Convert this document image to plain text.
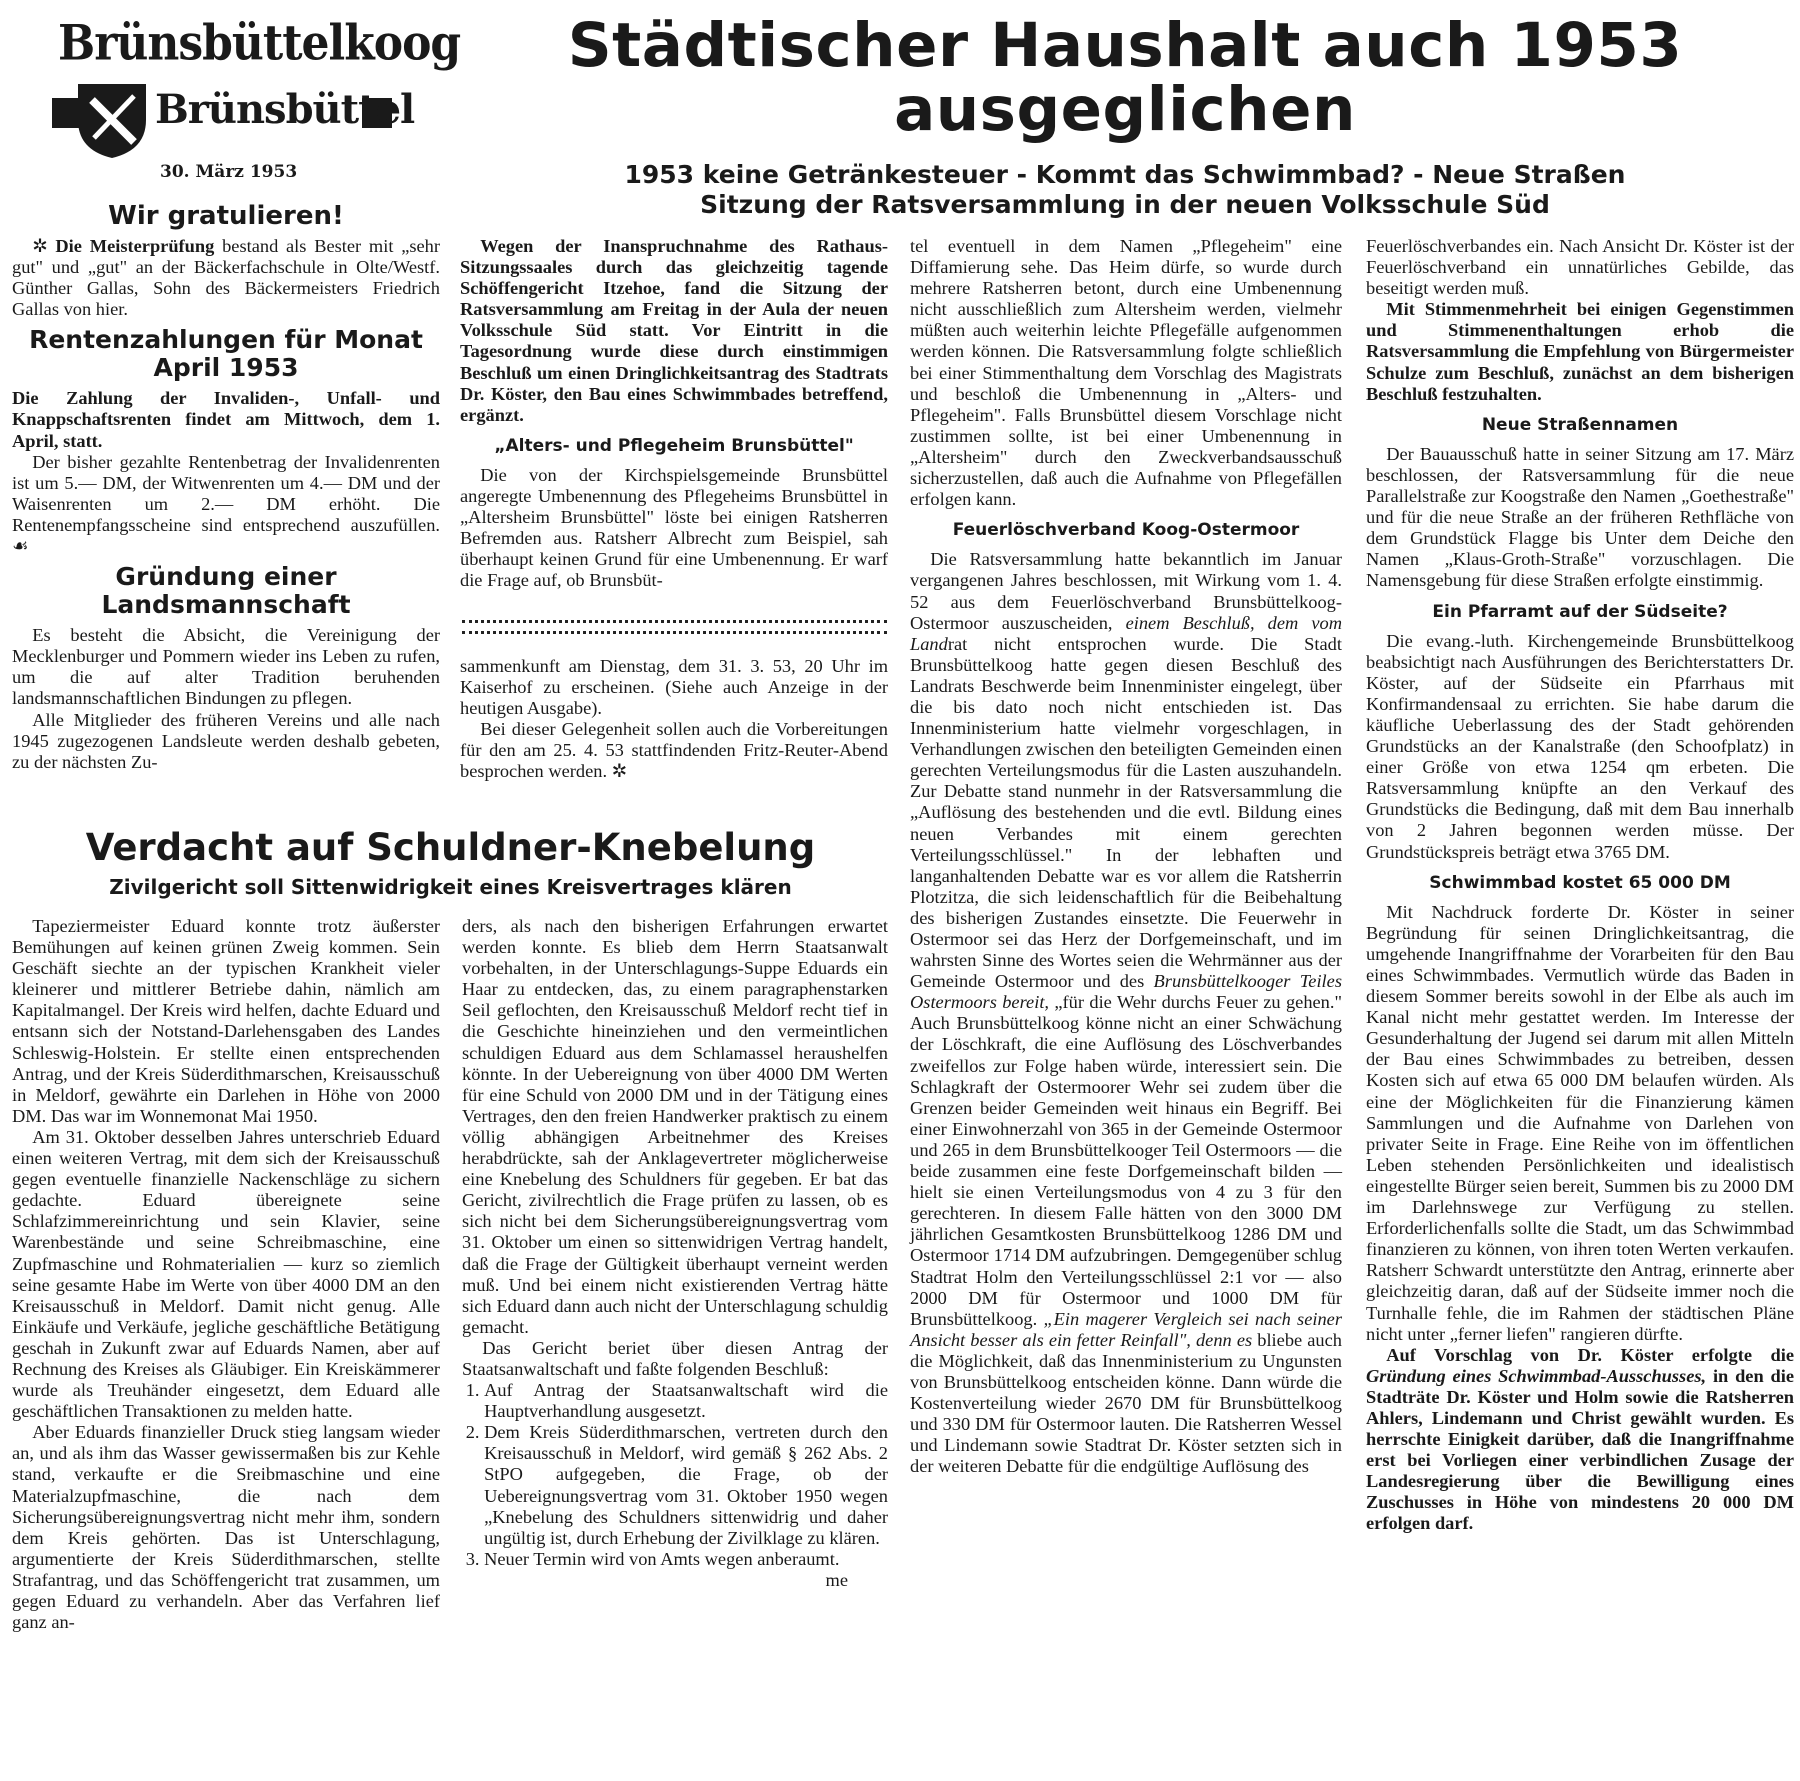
Brünsbüttelkoog
Brünsbüttel
30. März 1953
Städtischer Haushalt auch 1953 ausgeglichen
1953 keine Getränkesteuer - Kommt das Schwimmbad? - Neue Straßen
Sitzung der Ratsversammlung in der neuen Volksschule Süd
Wir gratulieren!

✲ Die Meisterprüfung bestand als Bester mit „sehr gut" und „gut" an der Bäckerfachschule in Olte/Westf. Günther Gallas, Sohn des Bäckermeisters Friedrich Gallas von hier.

Rentenzahlungen für Monat April 1953

Die Zahlung der Invaliden-, Unfall- und Knappschaftsrenten findet am Mittwoch, dem 1. April, statt.

Der bisher gezahlte Rentenbetrag der Invalidenrenten ist um 5.— DM, der Witwenrenten um 4.— DM und der Waisenrenten um 2.— DM erhöht. Die Rentenempfangsscheine sind entsprechend auszufüllen. ☙

Gründung einer Landsmannschaft

Es besteht die Absicht, die Vereinigung der Mecklenburger und Pommern wieder ins Leben zu rufen, um die auf alter Tradition beruhenden landsmannschaftlichen Bindungen zu pflegen.

Alle Mitglieder des früheren Vereins und alle nach 1945 zugezogenen Landsleute werden deshalb gebeten, zu der nächsten Zu-

Wegen der Inanspruchnahme des Rathaus-Sitzungssaales durch das gleichzeitig tagende Schöffengericht Itzehoe, fand die Sitzung der Ratsversammlung am Freitag in der Aula der neuen Volksschule Süd statt. Vor Eintritt in die Tagesordnung wurde diese durch einstimmigen Beschluß um einen Dringlichkeitsantrag des Stadtrats Dr. Köster, den Bau eines Schwimmbades betreffend, ergänzt.

„Alters- und Pflegeheim Brunsbüttel"

Die von der Kirchspielsgemeinde Brunsbüttel angeregte Umbenennung des Pflegeheims Brunsbüttel in „Altersheim Brunsbüttel" löste bei einigen Ratsherren Befremden aus. Ratsherr Albrecht zum Beispiel, sah überhaupt keinen Grund für eine Umbenennung. Er warf die Frage auf, ob Brunsbüt-

sammenkunft am Dienstag, dem 31. 3. 53, 20 Uhr im Kaiserhof zu erscheinen. (Siehe auch Anzeige in der heutigen Ausgabe).

Bei dieser Gelegenheit sollen auch die Vorbereitungen für den am 25. 4. 53 stattfindenden Fritz-Reuter-Abend besprochen werden. ✲

tel eventuell in dem Namen „Pflegeheim" eine Diffamierung sehe. Das Heim dürfe, so wurde durch mehrere Ratsherren betont, durch eine Umbenennung nicht ausschließlich zum Altersheim werden, vielmehr müßten auch weiterhin leichte Pflegefälle aufgenommen werden können. Die Ratsversammlung folgte schließlich bei einer Stimmenthaltung dem Vorschlag des Magistrats und beschloß die Umbenennung in „Alters- und Pflegeheim". Falls Brunsbüttel diesem Vorschlage nicht zustimmen sollte, ist bei einer Umbenennung in „Altersheim" durch den Zweckverbandsausschuß sicherzustellen, daß auch die Aufnahme von Pflegefällen erfolgen kann.

Feuerlöschverband Koog-Ostermoor

Die Ratsversammlung hatte bekanntlich im Januar vergangenen Jahres beschlossen, mit Wirkung vom 1. 4. 52 aus dem Feuerlöschverband Brunsbüttelkoog-Ostermoor auszuscheiden, einem Beschluß, dem vom Landrat nicht entsprochen wurde. Die Stadt Brunsbüttelkoog hatte gegen diesen Beschluß des Landrats Beschwerde beim Innenminister eingelegt, über die bis dato noch nicht entschieden ist. Das Innenministerium hatte vielmehr vorgeschlagen, in Verhandlungen zwischen den beteiligten Gemeinden einen gerechten Verteilungsmodus für die Lasten auszuhandeln. Zur Debatte stand nunmehr in der Ratsversammlung die „Auflösung des bestehenden und die evtl. Bildung eines neuen Verbandes mit einem gerechten Verteilungsschlüssel." In der lebhaften und langanhaltenden Debatte war es vor allem die Ratsherrin Plotzitza, die sich leidenschaftlich für die Beibehaltung des bisherigen Zustandes einsetzte. Die Feuerwehr in Ostermoor sei das Herz der Dorfgemeinschaft, und im wahrsten Sinne des Wortes seien die Wehrmänner aus der Gemeinde Ostermoor und des Brunsbüttelkooger Teiles Ostermoors bereit, „für die Wehr durchs Feuer zu gehen." Auch Brunsbüttelkoog könne nicht an einer Schwächung der Löschkraft, die eine Auflösung des Löschverbandes zweifellos zur Folge haben würde, interessiert sein. Die Schlagkraft der Ostermoorer Wehr sei zudem über die Grenzen beider Gemeinden weit hinaus ein Begriff. Bei einer Einwohnerzahl von 365 in der Gemeinde Ostermoor und 265 in dem Brunsbüttelkooger Teil Ostermoors — die beide zusammen eine feste Dorfgemeinschaft bilden — hielt sie einen Verteilungsmodus von 4 zu 3 für den gerechteren. In diesem Falle hätten von den 3000 DM jährlichen Gesamtkosten Brunsbüttelkoog 1286 DM und Ostermoor 1714 DM aufzubringen. Demgegenüber schlug Stadtrat Holm den Verteilungsschlüssel 2:1 vor — also 2000 DM für Ostermoor und 1000 DM für Brunsbüttelkoog. „Ein magerer Vergleich sei nach seiner Ansicht besser als ein fetter Reinfall", denn es bliebe auch die Möglichkeit, daß das Innenministerium zu Ungunsten von Brunsbüttelkoog entscheiden könne. Dann würde die Kostenverteilung wieder 2670 DM für Brunsbüttelkoog und 330 DM für Ostermoor lauten. Die Ratsherren Wessel und Lindemann sowie Stadtrat Dr. Köster setzten sich in der weiteren Debatte für die endgültige Auflösung des

Feuerlöschverbandes ein. Nach Ansicht Dr. Köster ist der Feuerlöschverband ein unnatürliches Gebilde, das beseitigt werden muß.

Mit Stimmenmehrheit bei einigen Gegenstimmen und Stimmenenthaltungen erhob die Ratsversammlung die Empfehlung von Bürgermeister Schulze zum Beschluß, zunächst an dem bisherigen Beschluß festzuhalten.

Neue Straßennamen

Der Bauausschuß hatte in seiner Sitzung am 17. März beschlossen, der Ratsversammlung für die neue Parallelstraße zur Koogstraße den Namen „Goethestraße" und für die neue Straße an der früheren Rethfläche von dem Grundstück Flagge bis Unter dem Deiche den Namen „Klaus-Groth-Straße" vorzuschlagen. Die Namensgebung für diese Straßen erfolgte einstimmig.

Ein Pfarramt auf der Südseite?

Die evang.-luth. Kirchengemeinde Brunsbüttelkoog beabsichtigt nach Ausführungen des Berichterstatters Dr. Köster, auf der Südseite ein Pfarrhaus mit Konfirmandensaal zu errichten. Sie habe darum die käufliche Ueberlassung des der Stadt gehörenden Grundstücks an der Kanalstraße (den Schoofplatz) in einer Größe von etwa 1254 qm erbeten. Die Ratsversammlung knüpfte an den Verkauf des Grundstücks die Bedingung, daß mit dem Bau innerhalb von 2 Jahren begonnen werden müsse. Der Grundstückspreis beträgt etwa 3765 DM.

Schwimmbad kostet 65 000 DM

Mit Nachdruck forderte Dr. Köster in seiner Begründung für seinen Dringlichkeitsantrag, die umgehende Inangriffnahme der Vorarbeiten für den Bau eines Schwimmbades. Vermutlich würde das Baden in diesem Sommer bereits sowohl in der Elbe als auch im Kanal nicht mehr gestattet werden. Im Interesse der Gesunderhaltung der Jugend sei darum mit allen Mitteln der Bau eines Schwimmbades zu betreiben, dessen Kosten sich auf etwa 65 000 DM belaufen würden. Als eine der Möglichkeiten für die Finanzierung kämen Sammlungen und die Aufnahme von Darlehen von privater Seite in Frage. Eine Reihe von im öffentlichen Leben stehenden Persönlichkeiten und idealistisch eingestellte Bürger seien bereit, Summen bis zu 2000 DM im Darlehnswege zur Verfügung zu stellen. Erforderlichenfalls sollte die Stadt, um das Schwimmbad finanzieren zu können, von ihren toten Werten verkaufen. Ratsherr Schwardt unterstützte den Antrag, erinnerte aber gleichzeitig daran, daß auf der Südseite immer noch die Turnhalle fehle, die im Rahmen der städtischen Pläne nicht unter „ferner liefen" rangieren dürfte.

Auf Vorschlag von Dr. Köster erfolgte die Gründung eines Schwimmbad-Ausschusses, in den die Stadträte Dr. Köster und Holm sowie die Ratsherren Ahlers, Lindemann und Christ gewählt wurden. Es herrschte Einigkeit darüber, daß die Inangriffnahme erst bei Vorliegen einer verbindlichen Zusage der Landesregierung über die Bewilligung eines Zuschusses in Höhe von mindestens 20 000 DM erfolgen darf.

Verdacht auf Schuldner-Knebelung
Zivilgericht soll Sittenwidrigkeit eines Kreisvertrages klären

Tapeziermeister Eduard konnte trotz äußerster Bemühungen auf keinen grünen Zweig kommen. Sein Geschäft siechte an der typischen Krankheit vieler kleinerer und mittlerer Betriebe dahin, nämlich am Kapitalmangel. Der Kreis wird helfen, dachte Eduard und entsann sich der Notstand-Darlehensgaben des Landes Schleswig-Holstein. Er stellte einen entsprechenden Antrag, und der Kreis Süderdithmarschen, Kreisausschuß in Meldorf, gewährte ein Darlehen in Höhe von 2000 DM. Das war im Wonnemonat Mai 1950.

Am 31. Oktober desselben Jahres unterschrieb Eduard einen weiteren Vertrag, mit dem sich der Kreisausschuß gegen eventuelle finanzielle Nackenschläge zu sichern gedachte. Eduard übereignete seine Schlafzimmereinrichtung und sein Klavier, seine Warenbestände und seine Schreibmaschine, eine Zupfmaschine und Rohmaterialien — kurz so ziemlich seine gesamte Habe im Werte von über 4000 DM an den Kreisausschuß in Meldorf. Damit nicht genug. Alle Einkäufe und Verkäufe, jegliche geschäftliche Betätigung geschah in Zukunft zwar auf Eduards Namen, aber auf Rechnung des Kreises als Gläubiger. Ein Kreiskämmerer wurde als Treuhänder eingesetzt, dem Eduard alle geschäftlichen Transaktionen zu melden hatte.

Aber Eduards finanzieller Druck stieg langsam wieder an, und als ihm das Wasser gewissermaßen bis zur Kehle stand, verkaufte er die Sreibmaschine und eine Materialzupfmaschine, die nach dem Sicherungsübereignungsvertrag nicht mehr ihm, sondern dem Kreis gehörten. Das ist Unterschlagung, argumentierte der Kreis Süderdithmarschen, stellte Strafantrag, und das Schöffengericht trat zusammen, um gegen Eduard zu verhandeln. Aber das Verfahren lief ganz an-

ders, als nach den bisherigen Erfahrungen erwartet werden konnte. Es blieb dem Herrn Staatsanwalt vorbehalten, in der Unterschlagungs-Suppe Eduards ein Haar zu entdecken, das, zu einem paragraphenstarken Seil geflochten, den Kreisausschuß Meldorf recht tief in die Geschichte hineinziehen und den vermeintlichen schuldigen Eduard aus dem Schlamassel heraushelfen könnte. In der Uebereignung von über 4000 DM Werten für eine Schuld von 2000 DM und in der Tätigung eines Vertrages, den den freien Handwerker praktisch zu einem völlig abhängigen Arbeitnehmer des Kreises herabdrückte, sah der Anklagevertreter möglicherweise eine Knebelung des Schuldners für gegeben. Er bat das Gericht, zivilrechtlich die Frage prüfen zu lassen, ob es sich nicht bei dem Sicherungsübereignungsvertrag vom 31. Oktober um einen so sittenwidrigen Vertrag handelt, daß die Frage der Gültigkeit überhaupt verneint werden muß. Und bei einem nicht existierenden Vertrag hätte sich Eduard dann auch nicht der Unterschlagung schuldig gemacht.

Das Gericht beriet über diesen Antrag der Staatsanwaltschaft und faßte folgenden Beschluß:

1. Auf Antrag der Staatsanwaltschaft wird die Hauptverhandlung ausgesetzt.
2. Dem Kreis Süderdithmarschen, vertreten durch den Kreisausschuß in Meldorf, wird gemäß § 262 Abs. 2 StPO aufgegeben, die Frage, ob der Uebereignungsvertrag vom 31. Oktober 1950 wegen „Knebelung des Schuldners sittenwidrig und daher ungültig ist, durch Erhebung der Zivilklage zu klären.
3. Neuer Termin wird von Amts wegen anberaumt.
me
